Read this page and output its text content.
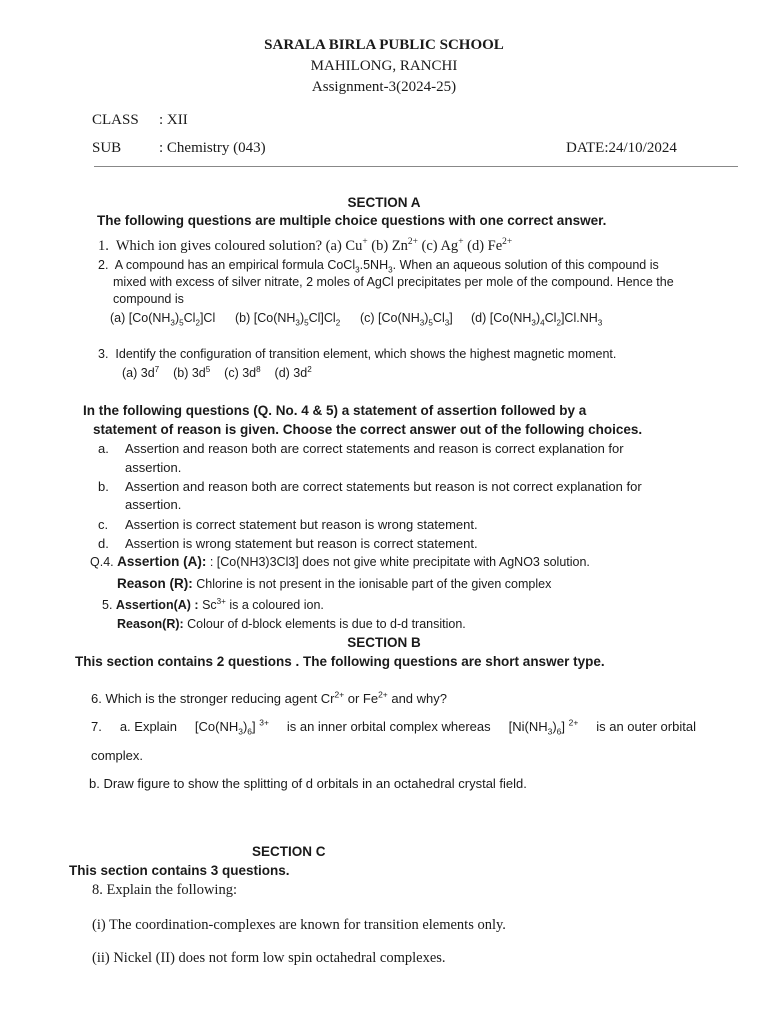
SARALA BIRLA PUBLIC SCHOOL
MAHILONG, RANCHI
Assignment-3(2024-25)
CLASS : XII
SUB	: Chemistry (043)	DATE:24/10/2024
SECTION A
The following questions are multiple choice questions with one correct answer.
1. Which ion gives coloured solution? (a) Cu+ (b) $Zn^{2+}$ (c) Ag+ (d) $Fe^{2+}$
2. A compound has an empirical formula $CoCl_3.5NH_3$. When an aqueous solution of this compound is
mixed with excess of silver nitrate, 2 moles of AgCl precipitates per mole of the compound. Hence the
compound is
(a) $[Co(NH_3)_5Cl_2]Cl$ (b) $[Co(NH_3)_5Cl]Cl_2$ (c) $[Co(NH_3)_5Cl_3]$ (d) $[Co(NH_3)_4Cl_2]Cl.NH_3$
3. Identify the configuration of transition element, which shows the highest magnetic moment.
(a) $3d^7$ (b) $3d^5$ (c) $3d^8$ (d) $3d^2$
In the following questions (Q. No. 4 & 5) a statement of assertion followed by a
statement of reason is given. Choose the correct answer out of the following choices.
a. Assertion and reason both are correct statements and reason is correct explanation for
assertion.
b. Assertion and reason both are correct statements but reason is not correct explanation for
assertion.
c. Assertion is correct statement but reason is wrong statement.
d. Assertion is wrong statement but reason is correct statement.
Q.4. Assertion (A): : [Co(NH3)3Cl3] does not give white precipitate with AgNO3 solution.
Reason (R): Chlorine is not present in the ionisable part of the given complex
5. Assertion(A) : $Sc^{3+}$ is a coloured ion.
Reason(R): Colour of d-block elements is due to d-d transition.
SECTION B
This section contains 2 questions . The following questions are short answer type.
6. Which is the stronger reducing agent $Cr^{2+}$ or $Fe^{2+}$ and why?
7. a. Explain $[Co(NH_3)_6]$ $^{3+}$ is an inner orbital complex whereas $[Ni(NH_3)_6]$ $^{2+}$ is an outer orbital
complex.
b. Draw figure to show the splitting of d orbitals in an octahedral crystal field.
SECTION C
This section contains 3 questions.
8. Explain the following:
(i) The coordination-complexes are known for transition elements only.
(ii) Nickel (II) does not form low spin octahedral complexes.
